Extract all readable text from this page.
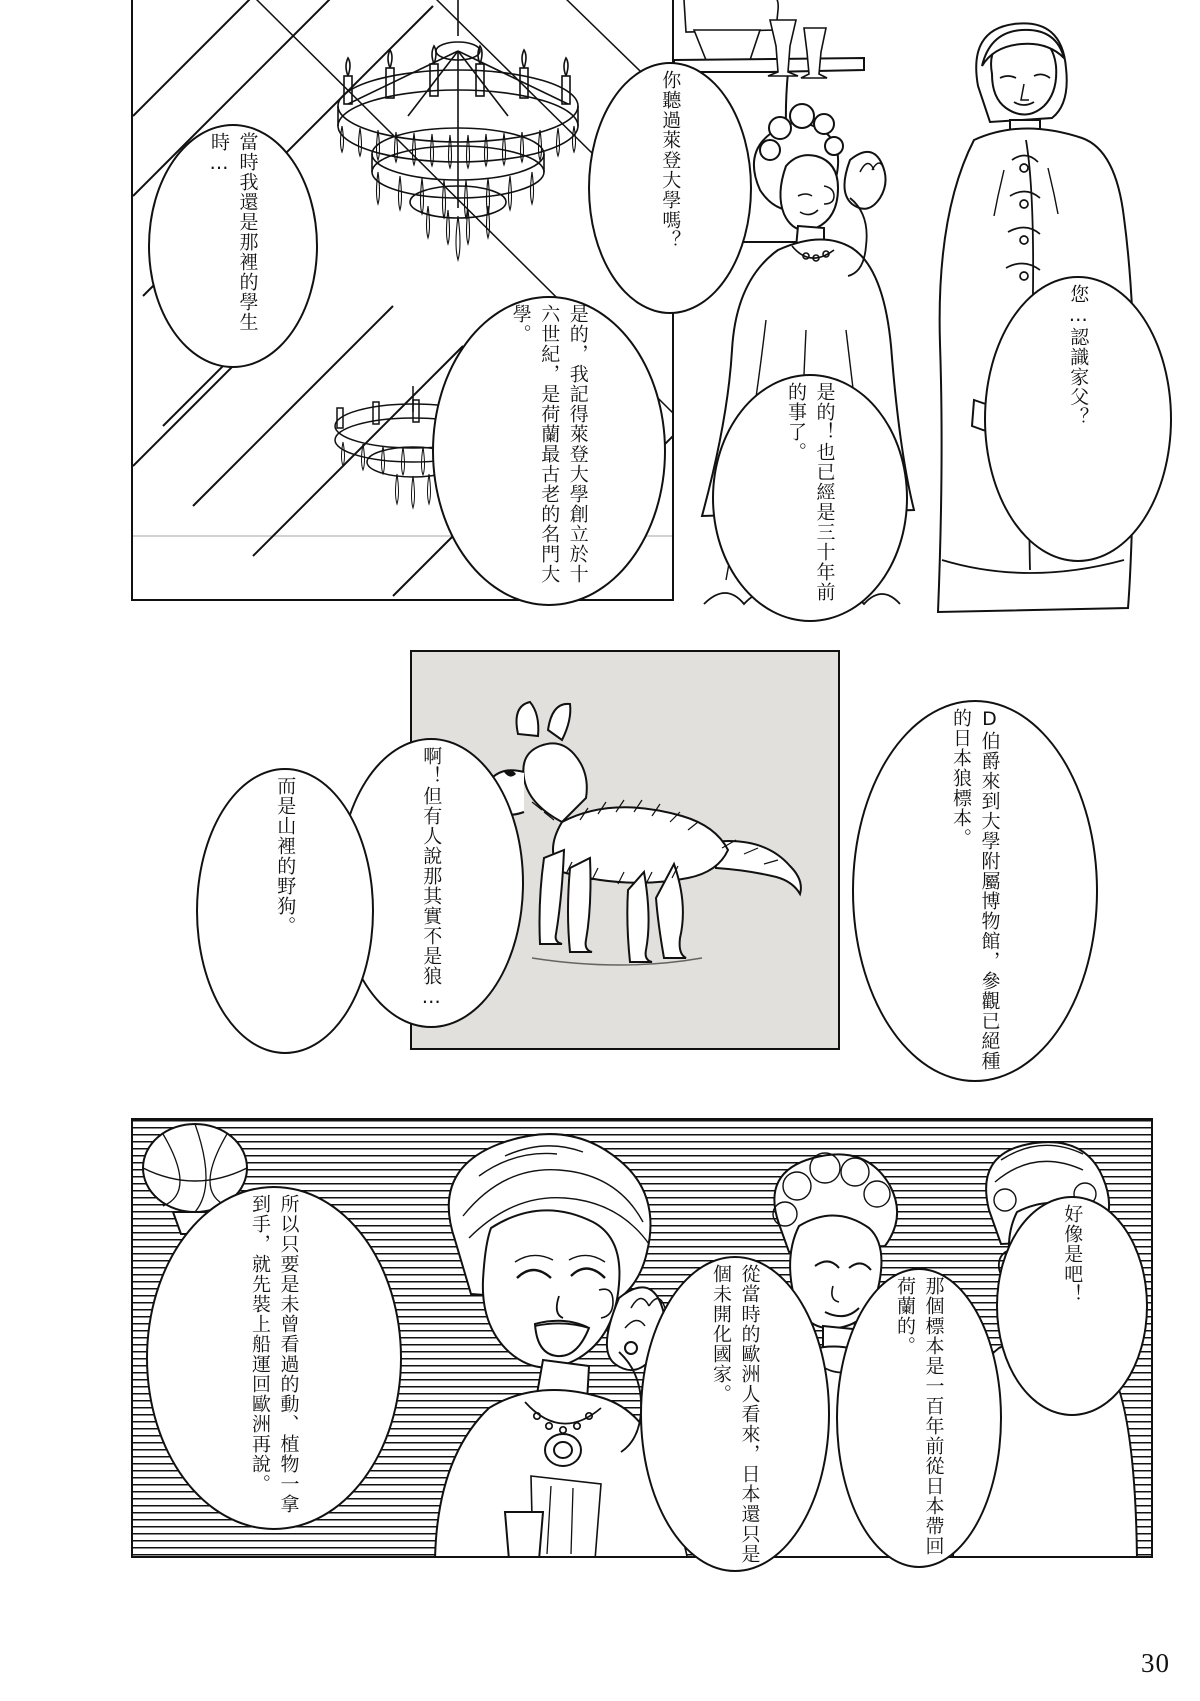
當時我還是那裡的學生時…	你聽過萊登大學嗎？
是的，我記得萊登大學創立於十六世紀，是荷蘭最古老的名門大學。
是的！也已經是三十年前的事了。	您…認識家父？
D伯爵來到大學附屬博物館，參觀已絕種的日本狼標本。
啊！但有人說那其實不是狼…
而是山裡的野狗。
所以只要是未曾看過的動、植物一拿到手，就先裝上船運回歐洲再說。	從當時的歐洲人看來，日本還只是個未開化國家。	那個標本是一百年前從日本帶回荷蘭的。
好像是吧！
30
